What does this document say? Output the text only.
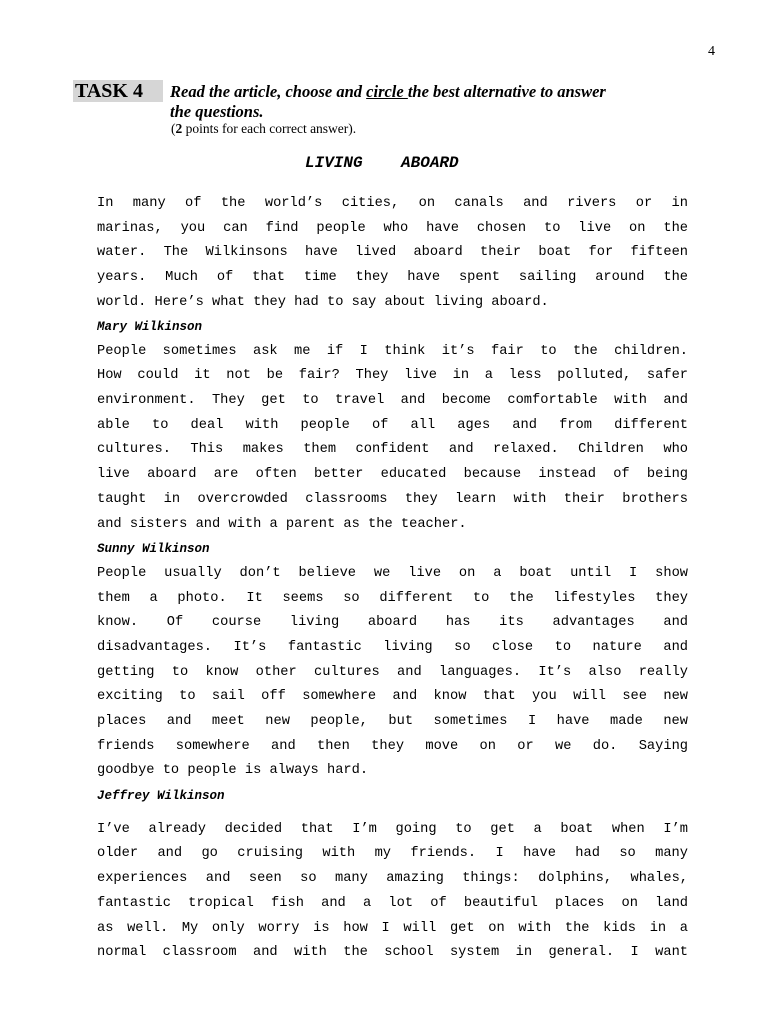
4
TASK 4	Read the article, choose and circle the best alternative to answer
the questions.
(2 points for each correct answer).
LIVING    ABOARD
In many of the world’s cities, on canals and rivers or in
marinas, you can find people who have chosen to live on the
water. The Wilkinsons have lived aboard their boat for fifteen
years. Much of that time they have spent sailing around the
world. Here’s what they had to say about living aboard.
Mary Wilkinson
People sometimes ask me if I think it’s fair to the children.
How could it not be fair? They live in a less polluted, safer
environment. They get to travel and become comfortable with and
able to deal with people of all ages and from different
cultures. This makes them confident and relaxed. Children who
live aboard are often better educated because instead of being
taught in overcrowded classrooms they learn with their brothers
and sisters and with a parent as the teacher.
Sunny Wilkinson
People usually don’t believe we live on a boat until I show
them a photo. It seems so different to the lifestyles they
know. Of course living aboard has its advantages and
disadvantages. It’s fantastic living so close to nature and
getting to know other cultures and languages. It’s also really
exciting to sail off somewhere and know that you will see new
places and meet new people, but sometimes I have made new
friends somewhere and then they move on or we do. Saying
goodbye to people is always hard.
Jeffrey Wilkinson
I’ve already decided that I’m going to get a boat when I’m
older and go cruising with my friends. I have had so many
experiences and seen so many amazing things: dolphins, whales,
fantastic tropical fish and a lot of beautiful places on land
as well. My only worry is how I will get on with the kids in a
normal classroom and with the school system in general. I want
